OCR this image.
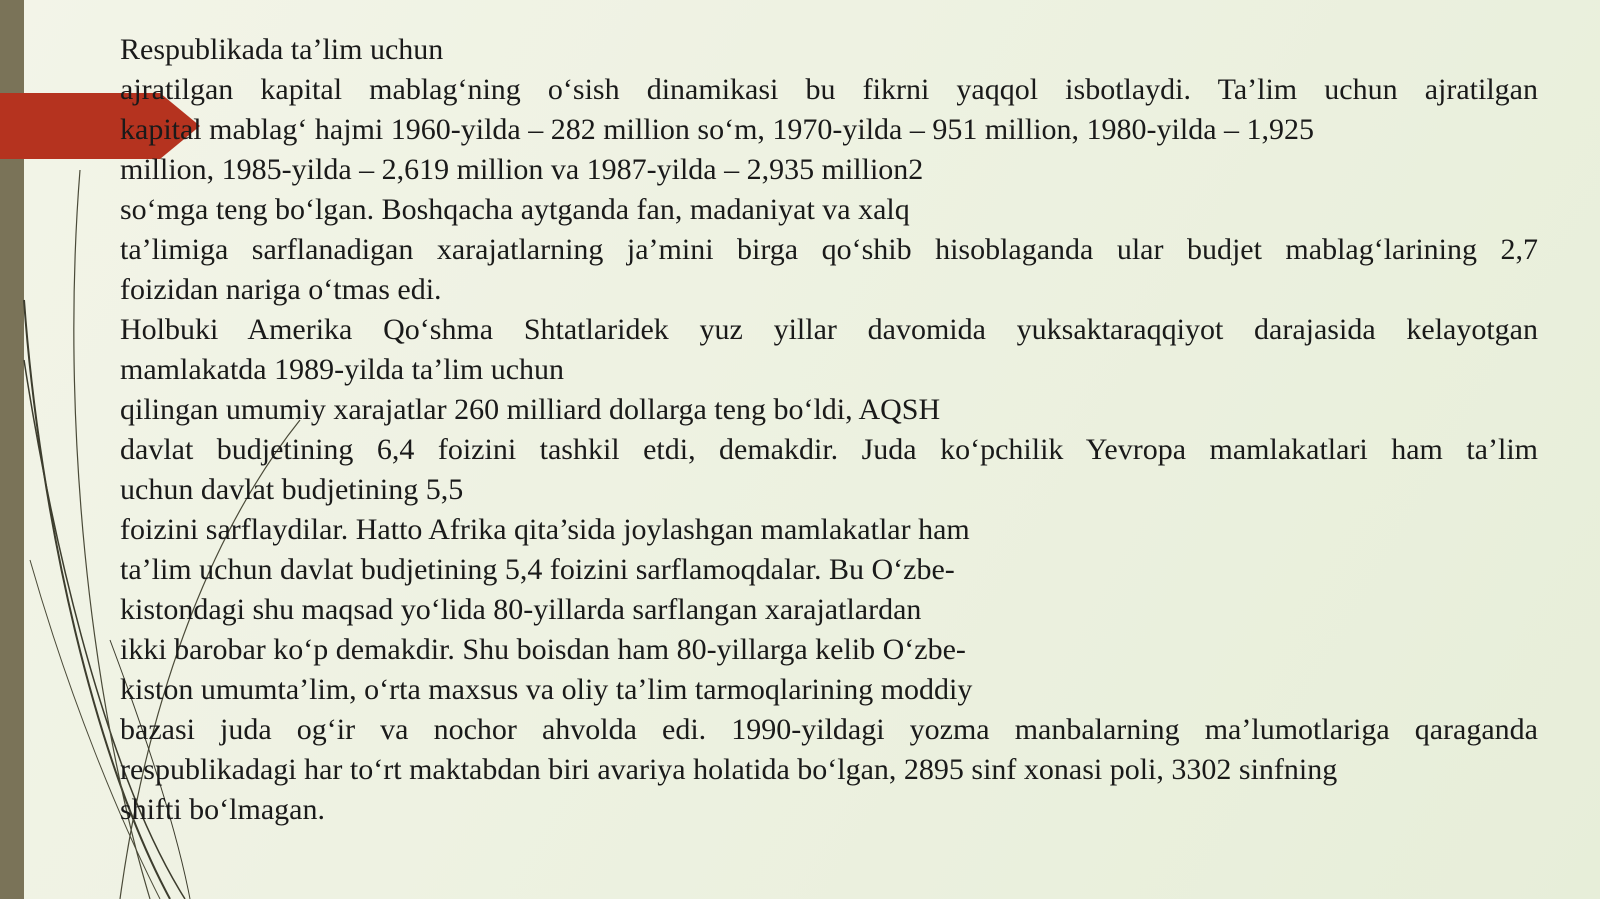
Respublikada ta’lim uchun
ajratilgan kapital mablag‘ning o‘sish dinamikasi bu fikrni yaqqol isbotlaydi. Ta’lim uchun ajratilgan
kapital mablag‘ hajmi 1960-yilda – 282 million so‘m, 1970-yilda – 951 million, 1980-yilda – 1,925
million, 1985-yilda – 2,619 million va 1987-yilda – 2,935 million2
so‘mga teng bo‘lgan. Boshqacha aytganda fan, madaniyat va xalq
ta’limiga sarflanadigan xarajatlarning ja’mini birga qo‘shib hisoblaganda ular budjet mablag‘larining 2,7
foizidan nariga o‘tmas edi.
Holbuki Amerika Qo‘shma Shtatlaridek yuz yillar davomida yuksaktaraqqiyot darajasida kelayotgan
mamlakatda 1989-yilda ta’lim uchun
qilingan umumiy xarajatlar 260 milliard dollarga teng bo‘ldi, AQSH
davlat budjetining 6,4 foizini tashkil etdi, demakdir. Juda ko‘pchilik Yevropa mamlakatlari ham ta’lim
uchun davlat budjetining 5,5
foizini sarflaydilar. Hatto Afrika qita’sida joylashgan mamlakatlar ham
ta’lim uchun davlat budjetining 5,4 foizini sarflamoqdalar. Bu O‘zbe-
kistondagi shu maqsad yo‘lida 80-yillarda sarflangan xarajatlardan
ikki barobar ko‘p demakdir. Shu boisdan ham 80-yillarga kelib O‘zbe-
kiston umumta’lim, o‘rta maxsus va oliy ta’lim tarmoqlarining moddiy
bazasi juda og‘ir va nochor ahvolda edi. 1990-yildagi yozma manbalarning ma’lumotlariga qaraganda
respublikadagi har to‘rt maktabdan biri avariya holatida bo‘lgan, 2895 sinf xonasi poli, 3302 sinfning
shifti bo‘lmagan.
